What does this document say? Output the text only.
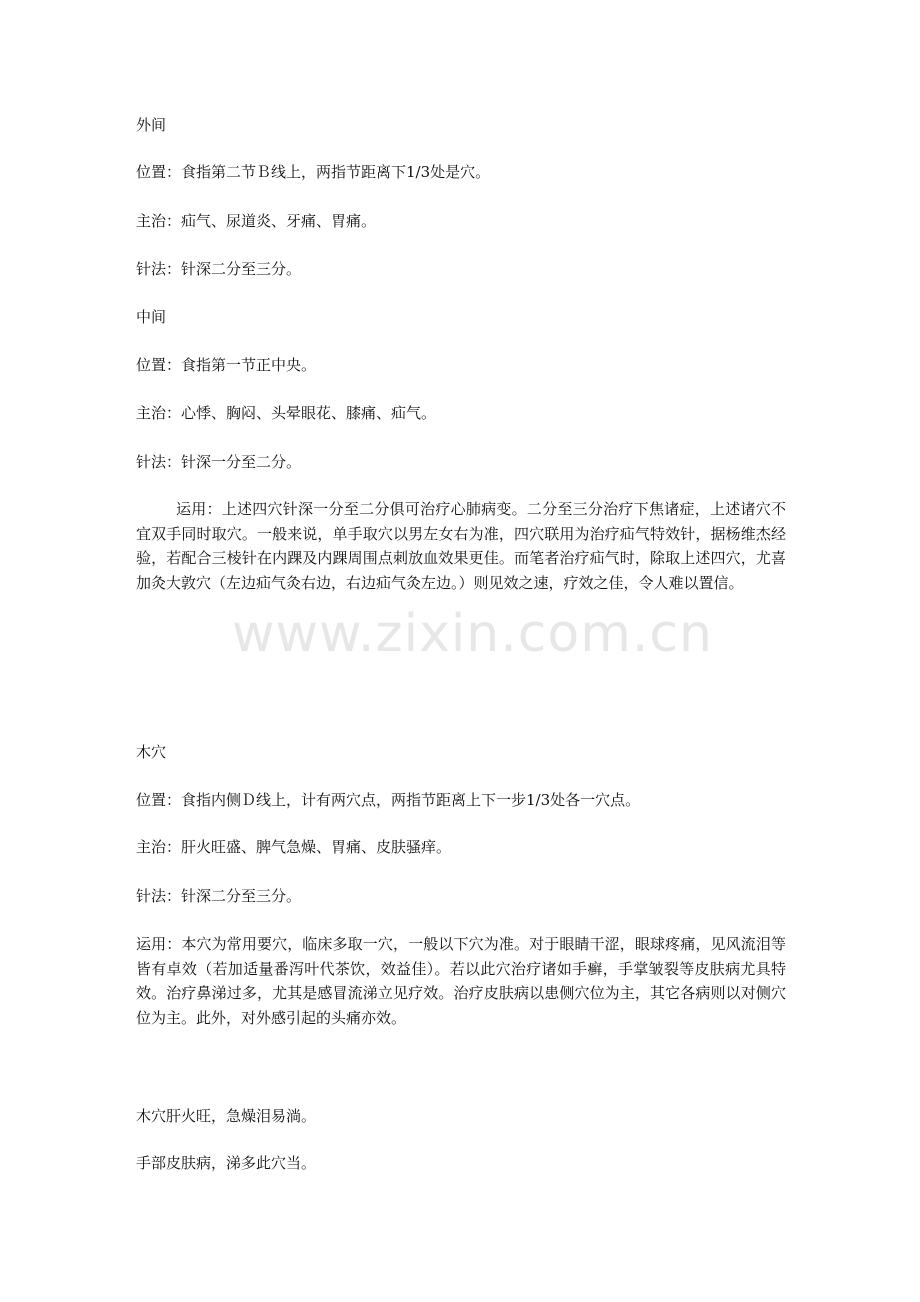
外间

位置：食指第二节Ｂ线上，两指节距离下1/3处是穴。

主治：疝气、尿道炎、牙痛、胃痛。

针法：针深二分至三分。

中间

位置：食指第一节正中央。

主治：心悸、胸闷、头晕眼花、膝痛、疝气。

针法：针深一分至二分。

运用：上述四穴针深一分至二分俱可治疗心肺病变。二分至三分治疗下焦诸症，上述诸穴不宜双手同时取穴。一般来说，单手取穴以男左女右为准，四穴联用为治疗疝气特效针，据杨维杰经验，若配合三棱针在内踝及内踝周围点刺放血效果更佳。而笔者治疗疝气时，除取上述四穴，尤喜加灸大敦穴（左边疝气灸右边，右边疝气灸左边。）则见效之速，疗效之佳，令人难以置信。

www.zixin.com.cn

木穴

位置：食指内侧Ｄ线上，计有两穴点，两指节距离上下一步1/3处各一穴点。

主治：肝火旺盛、脾气急燥、胃痛、皮肤骚痒。

针法：针深二分至三分。

运用：本穴为常用要穴，临床多取一穴，一般以下穴为准。对于眼睛干涩，眼球疼痛，见风流泪等皆有卓效（若加适量番泻叶代茶饮，效益佳）。若以此穴治疗诸如手癣，手掌皱裂等皮肤病尤具特效。治疗鼻涕过多，尤其是感冒流涕立见疗效。治疗皮肤病以患侧穴位为主，其它各病则以对侧穴位为主。此外，对外感引起的头痛亦效。

木穴肝火旺，急燥泪易淌。

手部皮肤病，涕多此穴当。
